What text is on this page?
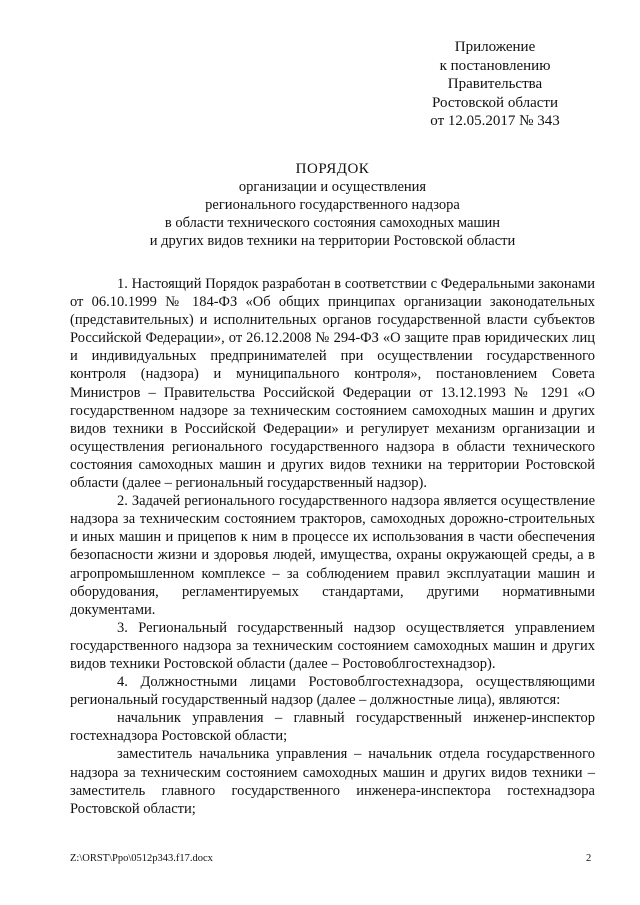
Приложение
к постановлению
Правительства
Ростовской области
от 12.05.2017 № 343
ПОРЯДОК
организации и осуществления
регионального государственного надзора
в области технического состояния самоходных машин
и других видов техники на территории Ростовской области

1. Настоящий Порядок разработан в соответствии с Федеральными законами от 06.10.1999 № 184-ФЗ «Об общих принципах организации законодательных (представительных) и исполнительных органов государственной власти субъектов Российской Федерации», от 26.12.2008 № 294-ФЗ «О защите прав юридических лиц и индивидуальных предпринимателей при осуществлении государственного контроля (надзора) и муниципального контроля», постановлением Совета Министров – Правительства Российской Федерации от 13.12.1993 № 1291 «О государственном надзоре за техническим состоянием самоходных машин и других видов техники в Российской Федерации» и регулирует механизм организации и осуществления регионального государственного надзора в области технического состояния самоходных машин и других видов техники на территории Ростовской области (далее – региональный государственный надзор).

2. Задачей регионального государственного надзора является осуществление надзора за техническим состоянием тракторов, самоходных дорожно-строительных и иных машин и прицепов к ним в процессе их использования в части обеспечения безопасности жизни и здоровья людей, имущества, охраны окружающей среды, а в агропромышленном комплексе – за соблюдением правил эксплуатации машин и оборудования, регламентируемых стандартами, другими нормативными документами.

3. Региональный государственный надзор осуществляется управлением государственного надзора за техническим состоянием самоходных машин и других видов техники Ростовской области (далее – Ростовоблгостехнадзор).

4. Должностными лицами Ростовоблгостехнадзора, осуществляющими региональный государственный надзор (далее – должностные лица), являются:

начальник управления – главный государственный инженер-инспектор гостехнадзора Ростовской области;

заместитель начальника управления – начальник отдела государственного надзора за техническим состоянием самоходных машин и других видов техники – заместитель главного государственного инженера-инспектора гостехнадзора Ростовской области;

Z:\ORST\Ppo\0512p343.f17.docx	2
